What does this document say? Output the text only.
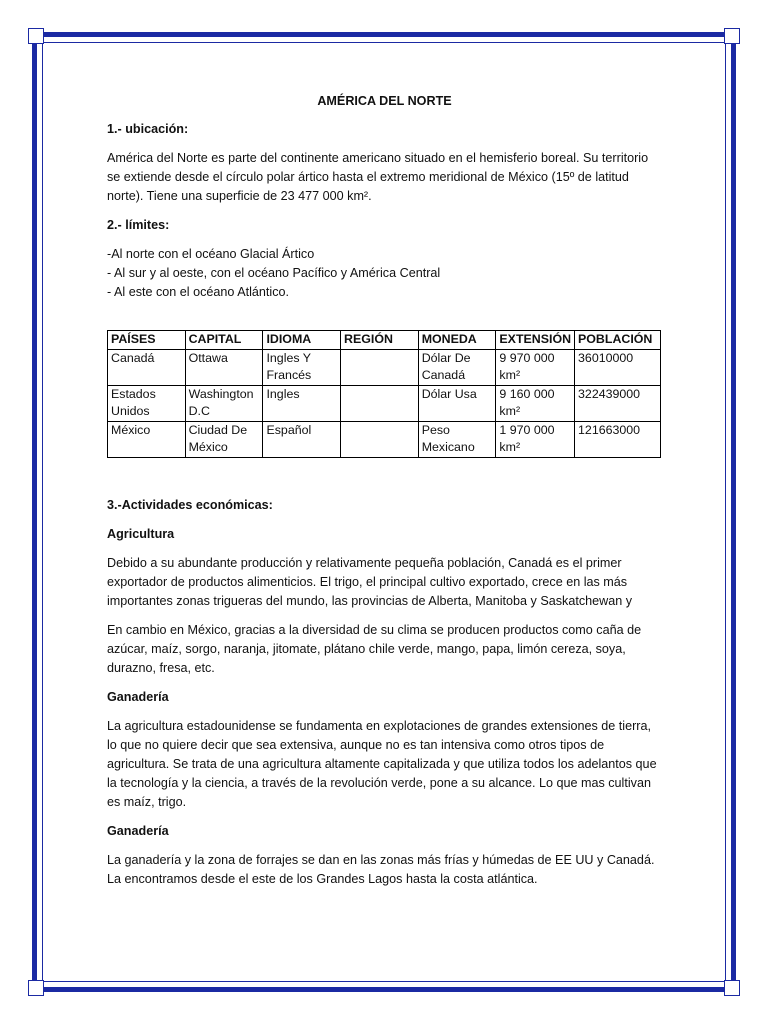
AMÉRICA DEL NORTE
1.- ubicación:

América del Norte es parte del continente americano situado en el hemisferio boreal. Su territorio se extiende desde el círculo polar ártico hasta el extremo meridional de México (15º de latitud norte). Tiene una superficie de 23 477 000 km².

2.- límites:
-Al norte con el océano Glacial Ártico
- Al sur y al oeste, con el océano Pacífico y América Central
- Al este con el océano Atlántico.
PAÍSES	CAPITAL	IDIOMA	REGIÓN	MONEDA	EXTENSIÓN	POBLACIÓN
Canadá	Ottawa	Ingles Y Francés		Dólar De Canadá	9 970 000 km²	36010000
Estados Unidos	Washington D.C	Ingles		Dólar Usa	9 160 000 km²	322439000
México	Ciudad De México	Español		Peso Mexicano	1 970 000 km²	121663000
3.-Actividades económicas:
Agricultura

Debido a su abundante producción y relativamente pequeña población, Canadá es el primer exportador de productos alimenticios. El trigo, el principal cultivo exportado, crece en las más importantes zonas trigueras del mundo, las provincias de Alberta, Manitoba y Saskatchewan y

En cambio en México, gracias a la diversidad de su clima se producen productos como caña de azúcar, maíz, sorgo, naranja, jitomate, plátano chile verde, mango, papa, limón cereza, soya, durazno, fresa, etc.

Ganadería

La agricultura estadounidense se fundamenta en explotaciones de grandes extensiones de tierra, lo que no quiere decir que sea extensiva, aunque no es tan intensiva como otros tipos de agricultura. Se trata de una agricultura altamente capitalizada y que utiliza todos los adelantos que la tecnología y la ciencia, a través de la revolución verde, pone a su alcance. Lo que mas cultivan es maíz, trigo.

Ganadería

La ganadería y la zona de forrajes se dan en las zonas más frías y húmedas de EE UU y Canadá. La encontramos desde el este de los Grandes Lagos hasta la costa atlántica.
